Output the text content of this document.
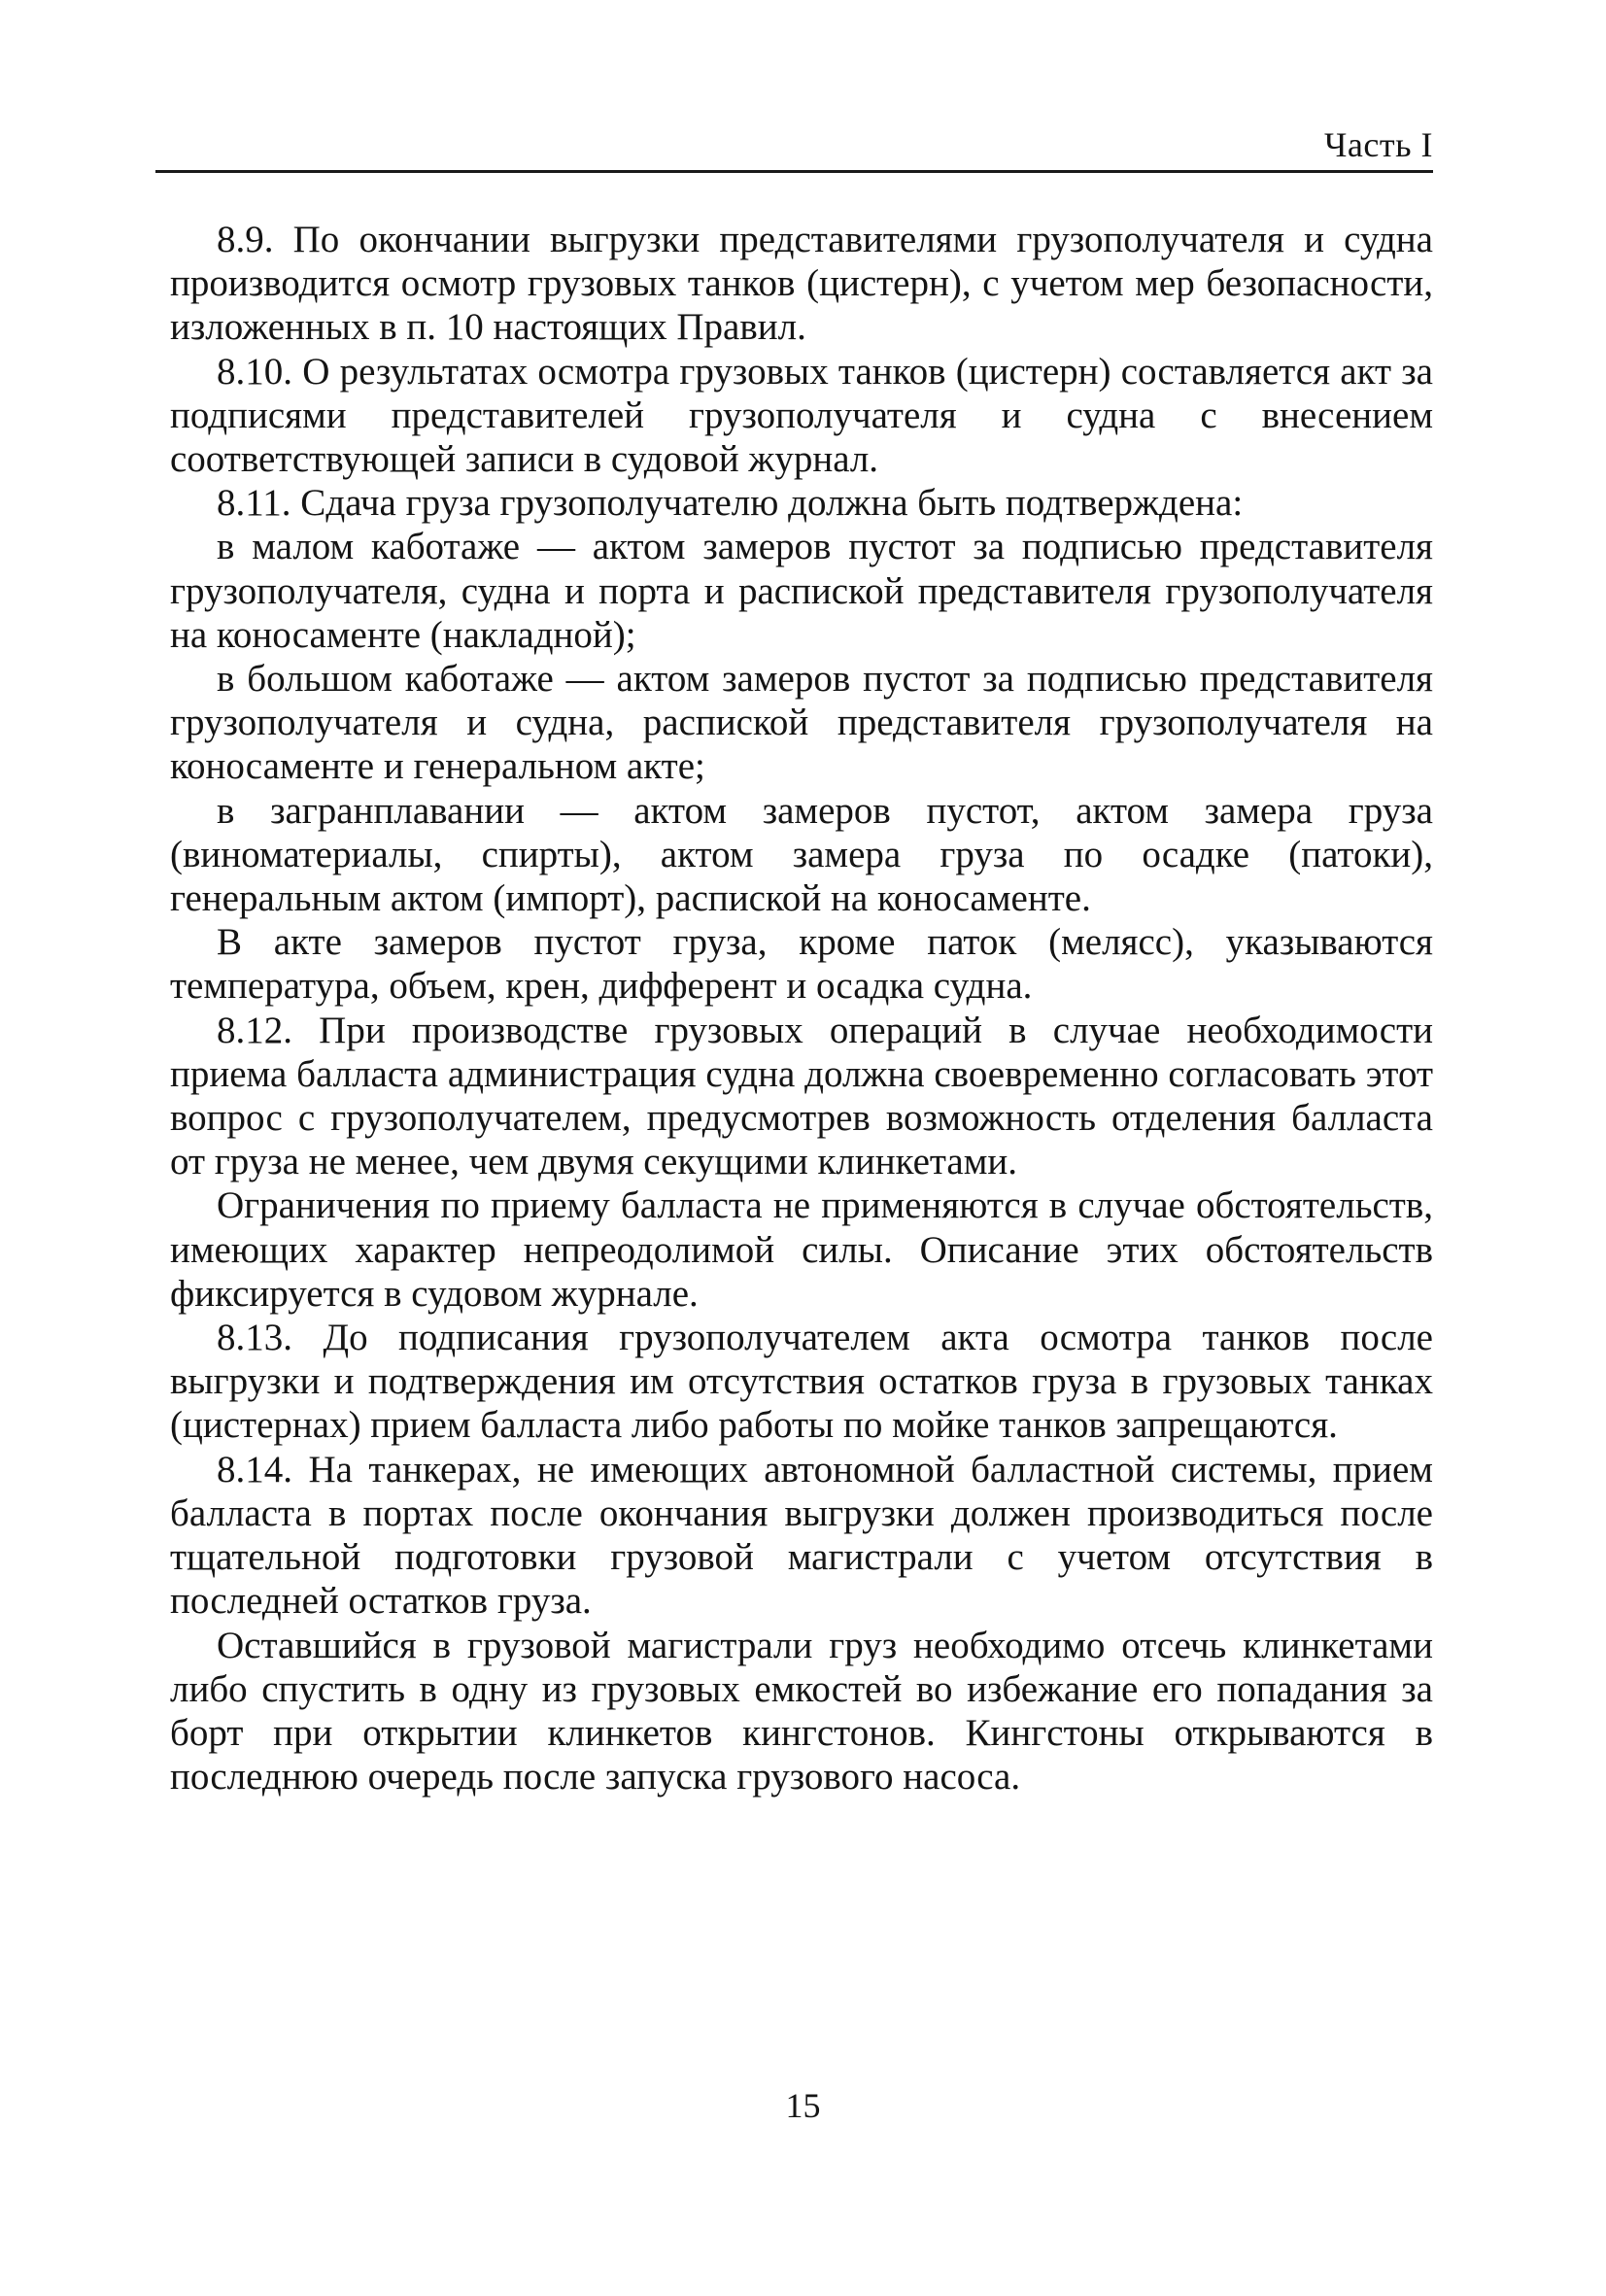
Часть I

8.9. По окончании выгрузки представителями грузополучателя и судна производится осмотр грузовых танков (цистерн), с учетом мер безопасности, изложенных в п. 10 настоящих Правил.

8.10. О результатах осмотра грузовых танков (цистерн) составляется акт за подписями представителей грузополучателя и судна с внесением соответствующей записи в судовой журнал.

8.11. Сдача груза грузополучателю должна быть подтверждена:

в малом каботаже — актом замеров пустот за подписью представителя грузополучателя, судна и порта и распиской представителя грузополучателя на коносаменте (накладной);

в большом каботаже — актом замеров пустот за подписью представителя грузополучателя и судна, распиской представителя грузополучателя на коносаменте и генеральном акте;

в загранплавании — актом замеров пустот, актом замера груза (виноматериалы, спирты), актом замера груза по осадке (патоки), генеральным актом (импорт), распиской на коносаменте.

В акте замеров пустот груза, кроме паток (мелясс), указываются температура, объем, крен, дифферент и осадка судна.

8.12. При производстве грузовых операций в случае необходимости приема балласта администрация судна должна своевременно согласовать этот вопрос с грузополучателем, предусмотрев возможность отделения балласта от груза не менее, чем двумя секущими клинкетами.

Ограничения по приему балласта не применяются в случае обстоятельств, имеющих характер непреодолимой силы. Описание этих обстоятельств фиксируется в судовом журнале.

8.13. До подписания грузополучателем акта осмотра танков после выгрузки и подтверждения им отсутствия остатков груза в грузовых танках (цистернах) прием балласта либо работы по мойке танков запрещаются.

8.14. На танкерах, не имеющих автономной балластной системы, прием балласта в портах после окончания выгрузки должен производиться после тщательной подготовки грузовой магистрали с учетом отсутствия в последней остатков груза.

Оставшийся в грузовой магистрали груз необходимо отсечь клинкетами либо спустить в одну из грузовых емкостей во избежание его попадания за борт при открытии клинкетов кингстонов. Кингстоны открываются в последнюю очередь после запуска грузового насоса.

15
